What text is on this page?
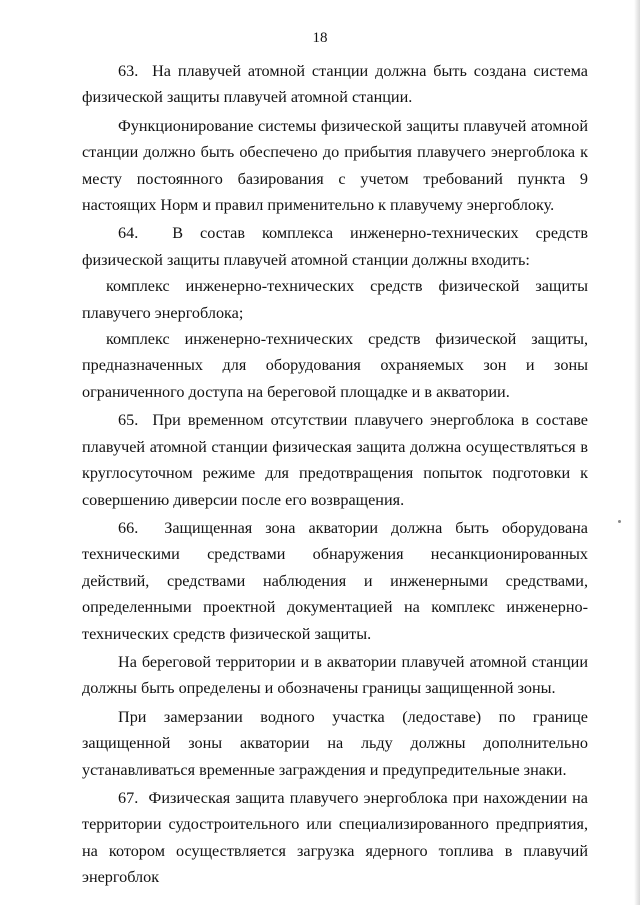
18

63.  На плавучей атомной станции должна быть создана система физической защиты плавучей атомной станции.

Функционирование системы физической защиты плавучей атомной станции должно быть обеспечено до прибытия плавучего энергоблока к месту постоянного базирования с учетом требований пункта 9 настоящих Норм и правил применительно к плавучему энергоблоку.

64.  В состав комплекса инженерно-технических средств физической защиты плавучей атомной станции должны входить:

комплекс инженерно-технических средств физической защиты плавучего энергоблока;

комплекс инженерно-технических средств физической защиты, предназначенных для оборудования охраняемых зон и зоны ограниченного доступа на береговой площадке и в акватории.

65.  При временном отсутствии плавучего энергоблока в составе плавучей атомной станции физическая защита должна осуществляться в круглосуточном режиме для предотвращения попыток подготовки к совершению диверсии после его возвращения.

66.  Защищенная зона акватории должна быть оборудована техническими средствами обнаружения несанкционированных действий, средствами наблюдения и инженерными средствами, определенными проектной документацией на комплекс инженерно-технических средств физической защиты.

На береговой территории и в акватории плавучей атомной станции должны быть определены и обозначены границы защищенной зоны.

При замерзании водного участка (ледоставе) по границе защищенной зоны акватории на льду должны дополнительно устанавливаться временные заграждения и предупредительные знаки.

67.  Физическая защита плавучего энергоблока при нахождении на территории судостроительного или специализированного предприятия, на котором осуществляется загрузка ядерного топлива в плавучий энергоблок
